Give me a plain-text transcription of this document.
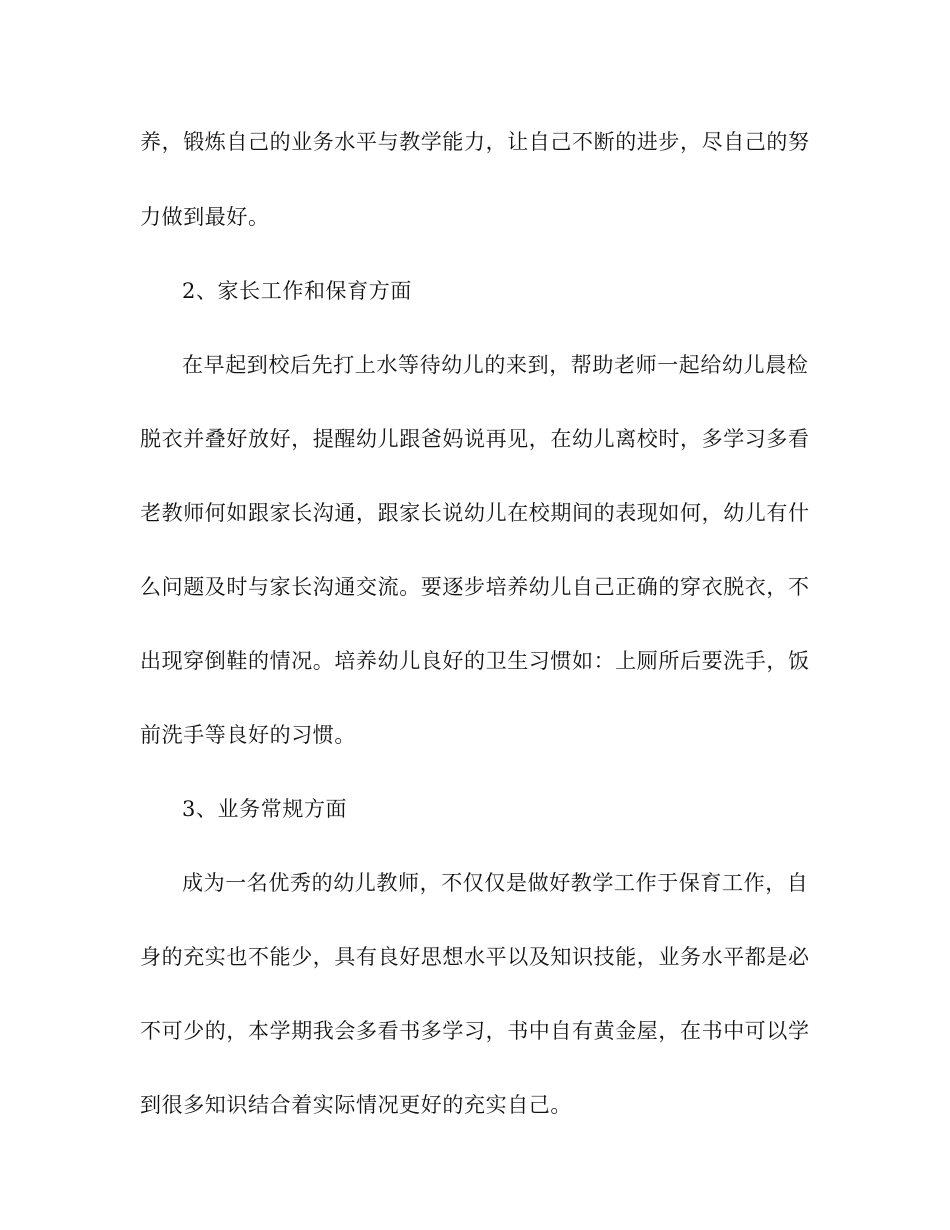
养，锻炼自己的业务水平与教学能力，让自己不断的进步，尽自己的努
力做到最好。
2、家长工作和保育方面
在早起到校后先打上水等待幼儿的来到，帮助老师一起给幼儿晨检
脱衣并叠好放好，提醒幼儿跟爸妈说再见，在幼儿离校时，多学习多看
老教师何如跟家长沟通，跟家长说幼儿在校期间的表现如何，幼儿有什
么问题及时与家长沟通交流。要逐步培养幼儿自己正确的穿衣脱衣，不
出现穿倒鞋的情况。培养幼儿良好的卫生习惯如：上厕所后要洗手，饭
前洗手等良好的习惯。
3、业务常规方面
成为一名优秀的幼儿教师，不仅仅是做好教学工作于保育工作，自
身的充实也不能少，具有良好思想水平以及知识技能，业务水平都是必
不可少的，本学期我会多看书多学习，书中自有黄金屋，在书中可以学
到很多知识结合着实际情况更好的充实自己。
